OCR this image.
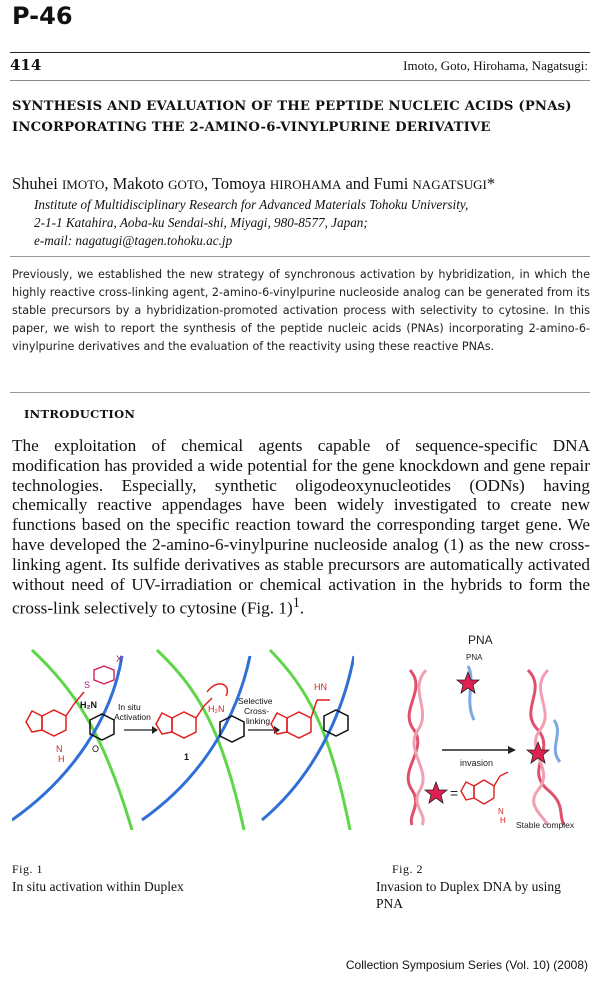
P-46
414	Imoto, Goto, Hirohama, Nagatsugi:
SYNTHESIS AND EVALUATION OF THE PEPTIDE NUCLEIC ACIDS (PNAs) INCORPORATING THE 2-AMINO-6-VINYLPURINE DERIVATIVE
Shuhei IMOTO, Makoto GOTO, Tomoya HIROHAMA and Fumi NAGATSUGI*
Institute of Multidisciplinary Research for Advanced Materials Tohoku University,
2-1-1 Katahira, Aoba-ku Sendai-shi, Miyagi, 980-8577, Japan;
e-mail: nagatugi@tagen.tohoku.ac.jp
Previously, we established the new strategy of synchronous activation by hybridization, in which the highly reactive cross-linking agent, 2-amino-6-vinylpurine nucleoside analog can be generated from its stable precursors by a hybridization-promoted activation process with selectivity to cytosine. In this paper, we wish to report the synthesis of the peptide nucleic acids (PNAs) incorporating 2-amino-6-vinylpurine derivatives and the evaluation of the reactivity using these reactive PNAs.
INTRODUCTION
The exploitation of chemical agents capable of sequence-specific DNA modification has provided a wide potential for the gene knockdown and gene repair technologies. Especially, synthetic oligodeoxynucleotides (ODNs) having chemically reactive appendages have been widely investigated to create new functions based on the specific reaction toward the corresponding target gene. We have developed the 2-amino-6-vinylpurine nucleoside analog (1) as the new cross-linking agent. Its sulfide derivatives as stable precursors are automatically activated without need of UV-irradiation or chemical activation in the hybrids to form the cross-link selectively to cytosine (Fig. 1)$^1$.
S
X
N
H
H₂N
O
In situ
Activation
H₂N
1
Selective
Cross-
linking
HN
PNA
PNA
invasion
=
N
H Stable complex
Fig. 1
In situ activation within Duplex
Fig. 2
Invasion to Duplex DNA by using PNA
Collection Symposium Series (Vol. 10) (2008)
